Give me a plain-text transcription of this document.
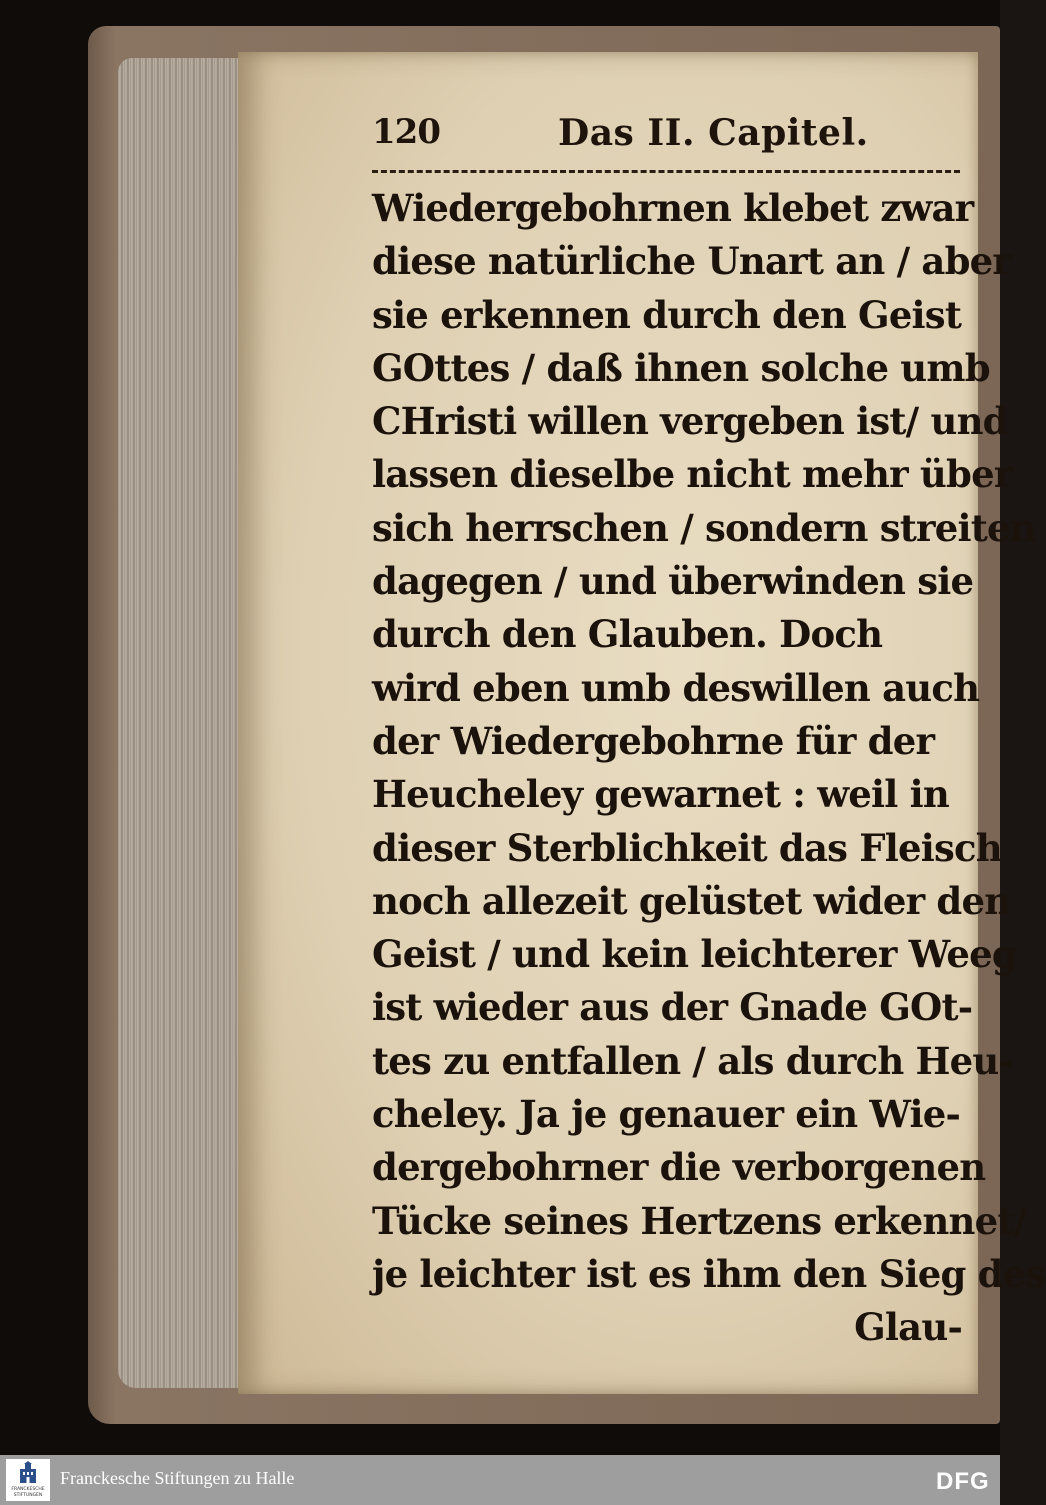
120	Das II. Capitel.
Wiedergebohrnen klebet zwar
diese natürliche Unart an / aber
sie erkennen durch den Geist
GOttes / daß ihnen solche umb
CHristi willen vergeben ist/ und
lassen dieselbe nicht mehr über
sich herrschen / sondern streiten
dagegen / und überwinden sie
durch den Glauben. Doch
wird eben umb deswillen auch
der Wiedergebohrne für der
Heucheley gewarnet : weil in
dieser Sterblichkeit das Fleisch
noch allezeit gelüstet wider den
Geist / und kein leichterer Weeg
ist wieder aus der Gnade GOt-
tes zu entfallen / als durch Heu-
cheley. Ja je genauer ein Wie-
dergebohrner die verborgenen
Tücke seines Hertzens erkennet/
je leichter ist es ihm den Sieg des
Glau-
FRANCKESCHE STIFTUNGEN
Franckesche Stiftungen zu Halle	DFG
